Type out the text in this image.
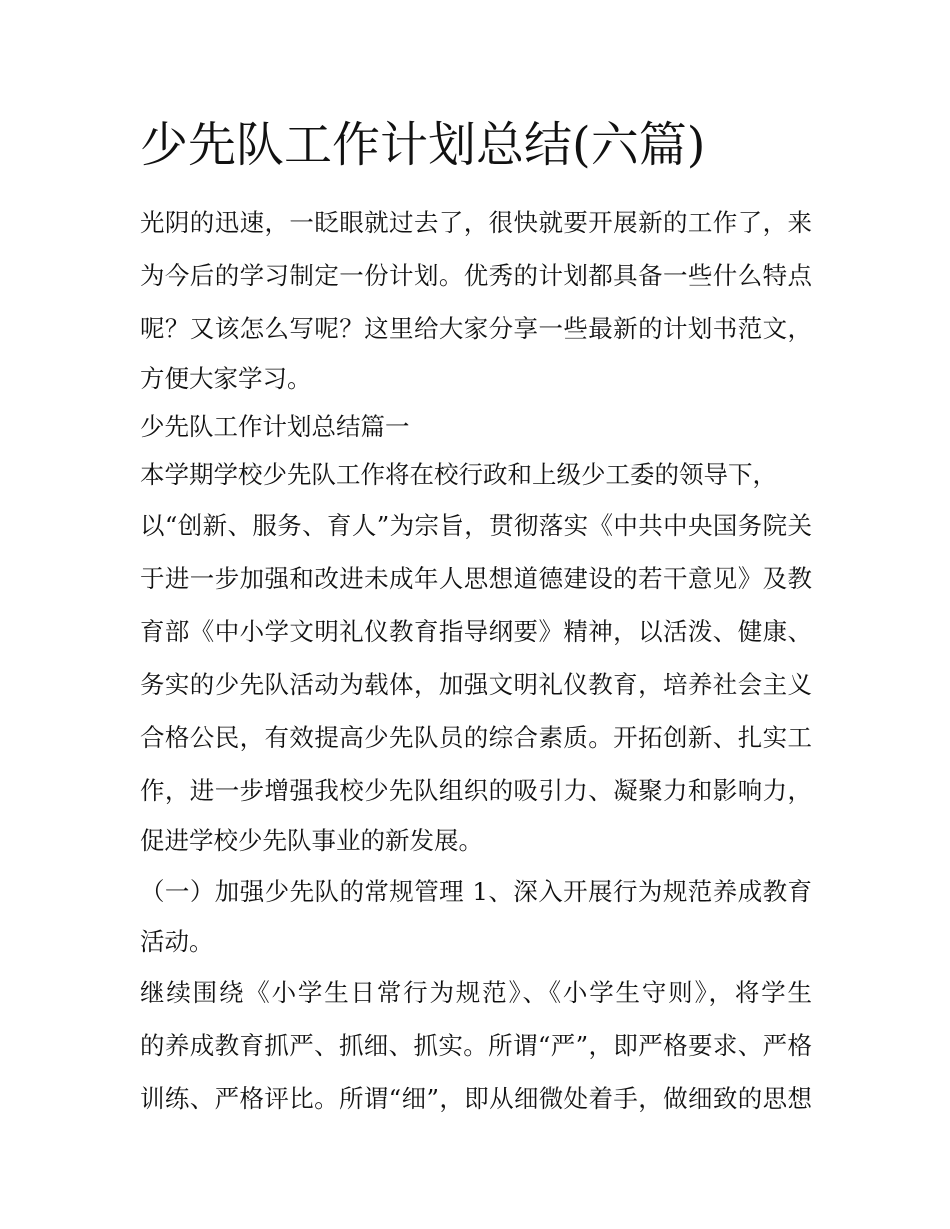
少先队工作计划总结(六篇)
光阴的迅速，一眨眼就过去了，很快就要开展新的工作了，来
为今后的学习制定一份计划。优秀的计划都具备一些什么特点
呢？又该怎么写呢？这里给大家分享一些最新的计划书范文，
方便大家学习。
少先队工作计划总结篇一
本学期学校少先队工作将在校行政和上级少工委的领导下，
以“创新、服务、育人”为宗旨，贯彻落实《中共中央国务院关
于进一步加强和改进未成年人思想道德建设的若干意见》及教
育部《中小学文明礼仪教育指导纲要》精神，以活泼、健康、
务实的少先队活动为载体，加强文明礼仪教育，培养社会主义
合格公民，有效提高少先队员的综合素质。开拓创新、扎实工
作，进一步增强我校少先队组织的吸引力、凝聚力和影响力，
促进学校少先队事业的新发展。
（一）加强少先队的常规管理 1、深入开展行为规范养成教育
活动。
继续围绕《小学生日常行为规范》、《小学生守则》，将学生
的养成教育抓严、抓细、抓实。所谓“严”，即严格要求、严格
训练、严格评比。所谓“细”，即从细微处着手，做细致的思想
